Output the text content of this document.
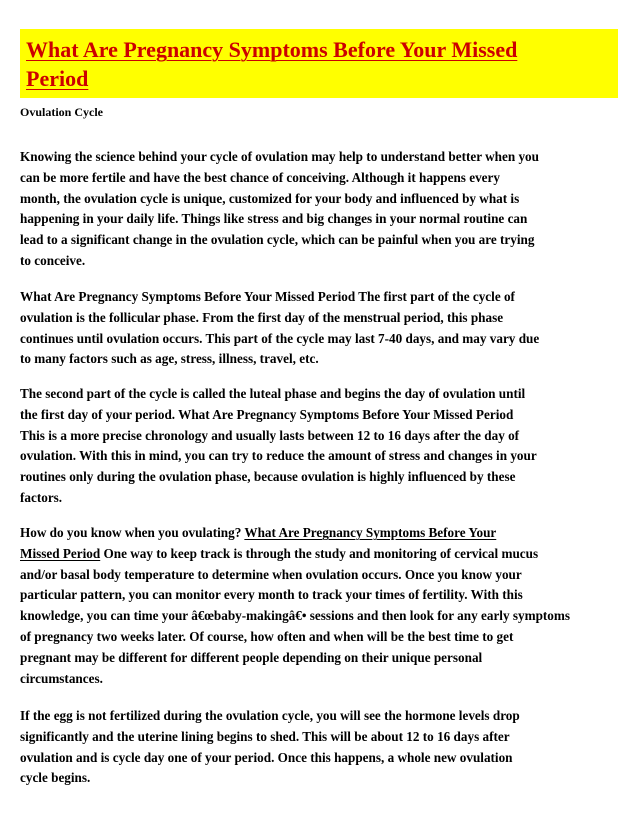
What Are Pregnancy Symptoms Before Your Missed
Period

Ovulation Cycle

Knowing the science behind your cycle of ovulation may help to understand better when you
can be more fertile and have the best chance of conceiving. Although it happens every
month, the ovulation cycle is unique, customized for your body and influenced by what is
happening in your daily life. Things like stress and big changes in your normal routine can
lead to a significant change in the ovulation cycle, which can be painful when you are trying
to conceive.

What Are Pregnancy Symptoms Before Your Missed Period The first part of the cycle of
ovulation is the follicular phase. From the first day of the menstrual period, this phase
continues until ovulation occurs. This part of the cycle may last 7-40 days, and may vary due
to many factors such as age, stress, illness, travel, etc.

The second part of the cycle is called the luteal phase and begins the day of ovulation until
the first day of your period. What Are Pregnancy Symptoms Before Your Missed Period
This is a more precise chronology and usually lasts between 12 to 16 days after the day of
ovulation. With this in mind, you can try to reduce the amount of stress and changes in your
routines only during the ovulation phase, because ovulation is highly influenced by these
factors.

How do you know when you ovulating? What Are Pregnancy Symptoms Before Your
Missed Period One way to keep track is through the study and monitoring of cervical mucus
and/or basal body temperature to determine when ovulation occurs. Once you know your
particular pattern, you can monitor every month to track your times of fertility. With this
knowledge, you can time your â€œbaby-makingâ€• sessions and then look for any early symptoms
of pregnancy two weeks later. Of course, how often and when will be the best time to get
pregnant may be different for different people depending on their unique personal
circumstances.

If the egg is not fertilized during the ovulation cycle, you will see the hormone levels drop
significantly and the uterine lining begins to shed. This will be about 12 to 16 days after
ovulation and is cycle day one of your period. Once this happens, a whole new ovulation
cycle begins.
